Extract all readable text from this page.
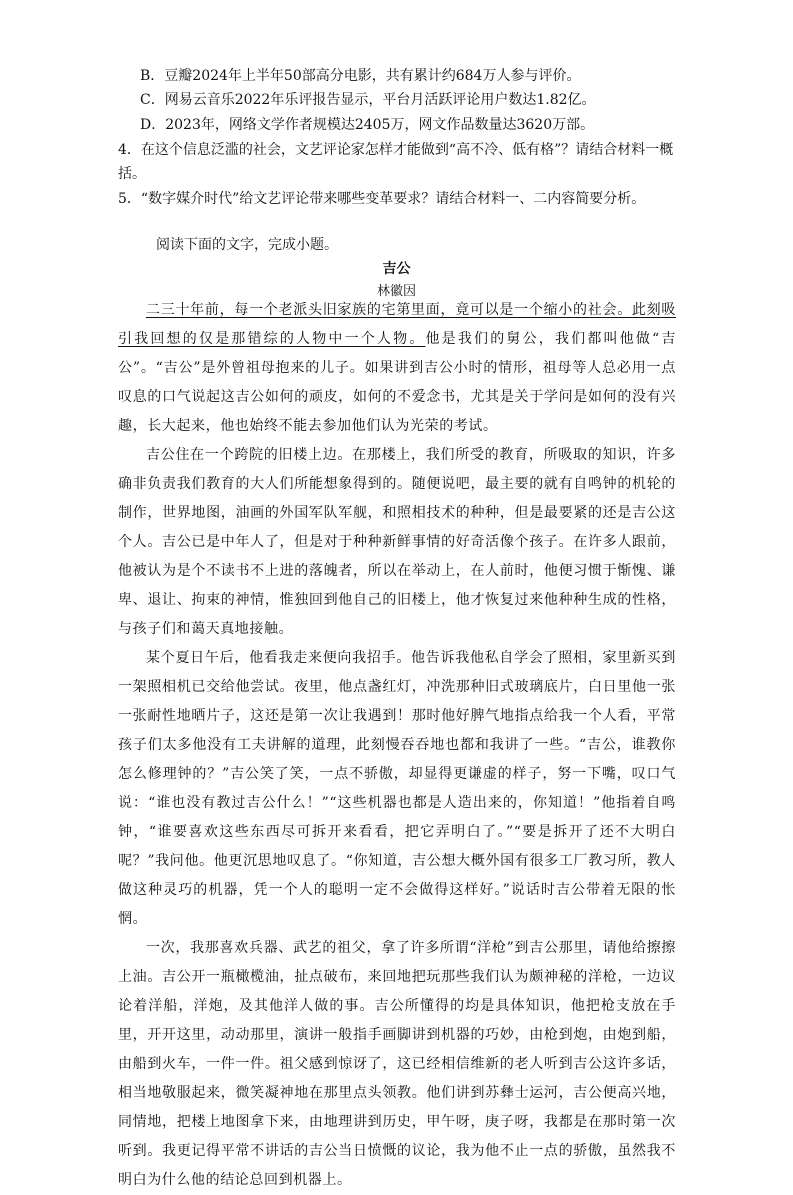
B．豆瓣2024年上半年50部高分电影，共有累计约684万人参与评价。
C．网易云音乐2022年乐评报告显示，平台月活跃评论用户数达1.82亿。
D．2023年，网络文学作者规模达2405万，网文作品数量达3620万部。
4．在这个信息泛滥的社会，文艺评论家怎样才能做到“高不冷、低有格”？请结合材料一概
括。
5．“数字媒介时代”给文艺评论带来哪些变革要求？请结合材料一、二内容简要分析。
阅读下面的文字，完成小题。
吉公
林徽因

二三十年前，每一个老派头旧家族的宅第里面，竟可以是一个缩小的社会。此刻吸引我回想的仅是那错综的人物中一个人物。他是我们的舅公，我们都叫他做“吉公”。“吉公”是外曾祖母抱来的儿子。如果讲到吉公小时的情形，祖母等人总必用一点叹息的口气说起这吉公如何的顽皮，如何的不爱念书，尤其是关于学问是如何的没有兴趣，长大起来，他也始终不能去参加他们认为光荣的考试。

吉公住在一个跨院的旧楼上边。在那楼上，我们所受的教育，所吸取的知识，许多确非负责我们教育的大人们所能想象得到的。随便说吧，最主要的就有自鸣钟的机轮的制作，世界地图，油画的外国军队军舰，和照相技术的种种，但是最要紧的还是吉公这个人。吉公已是中年人了，但是对于种种新鲜事情的好奇活像个孩子。在许多人跟前，他被认为是个不读书不上进的落魄者，所以在举动上，在人前时，他便习惯于惭愧、谦卑、退让、拘束的神情，惟独回到他自己的旧楼上，他才恢复过来他种种生成的性格，与孩子们和蔼天真地接触。

某个夏日午后，他看我走来便向我招手。他告诉我他私自学会了照相，家里新买到一架照相机已交给他尝试。夜里，他点盏红灯，冲洗那种旧式玻璃底片，白日里他一张一张耐性地晒片子，这还是第一次让我遇到！那时他好脾气地指点给我一个人看，平常孩子们太多他没有工夫讲解的道理，此刻慢吞吞地也都和我讲了一些。“吉公，谁教你怎么修理钟的？”吉公笑了笑，一点不骄傲，却显得更谦虚的样子，努一下嘴，叹口气说：“谁也没有教过吉公什么！”“这些机器也都是人造出来的，你知道！”他指着自鸣钟，“谁要喜欢这些东西尽可拆开来看看，把它弄明白了。”“要是拆开了还不大明白呢？”我问他。他更沉思地叹息了。“你知道，吉公想大概外国有很多工厂教习所，教人做这种灵巧的机器，凭一个人的聪明一定不会做得这样好。”说话时吉公带着无限的怅惘。

一次，我那喜欢兵器、武艺的祖父，拿了许多所谓“洋枪”到吉公那里，请他给擦擦上油。吉公开一瓶橄榄油，扯点破布，来回地把玩那些我们认为颇神秘的洋枪，一边议论着洋船，洋炮，及其他洋人做的事。吉公所懂得的均是具体知识，他把枪支放在手里，开开这里，动动那里，演讲一般指手画脚讲到机器的巧妙，由枪到炮，由炮到船，由船到火车，一件一件。祖父感到惊讶了，这已经相信维新的老人听到吉公这许多话，相当地敬服起来，微笑凝神地在那里点头领教。他们讲到苏彝士运河，吉公便高兴地，同情地，把楼上地图拿下来，由地理讲到历史，甲午呀，庚子呀，我都是在那时第一次听到。我更记得平常不讲话的吉公当日愤慨的议论，我为他不止一点的骄傲，虽然我不明白为什么他的结论总回到机器上。
